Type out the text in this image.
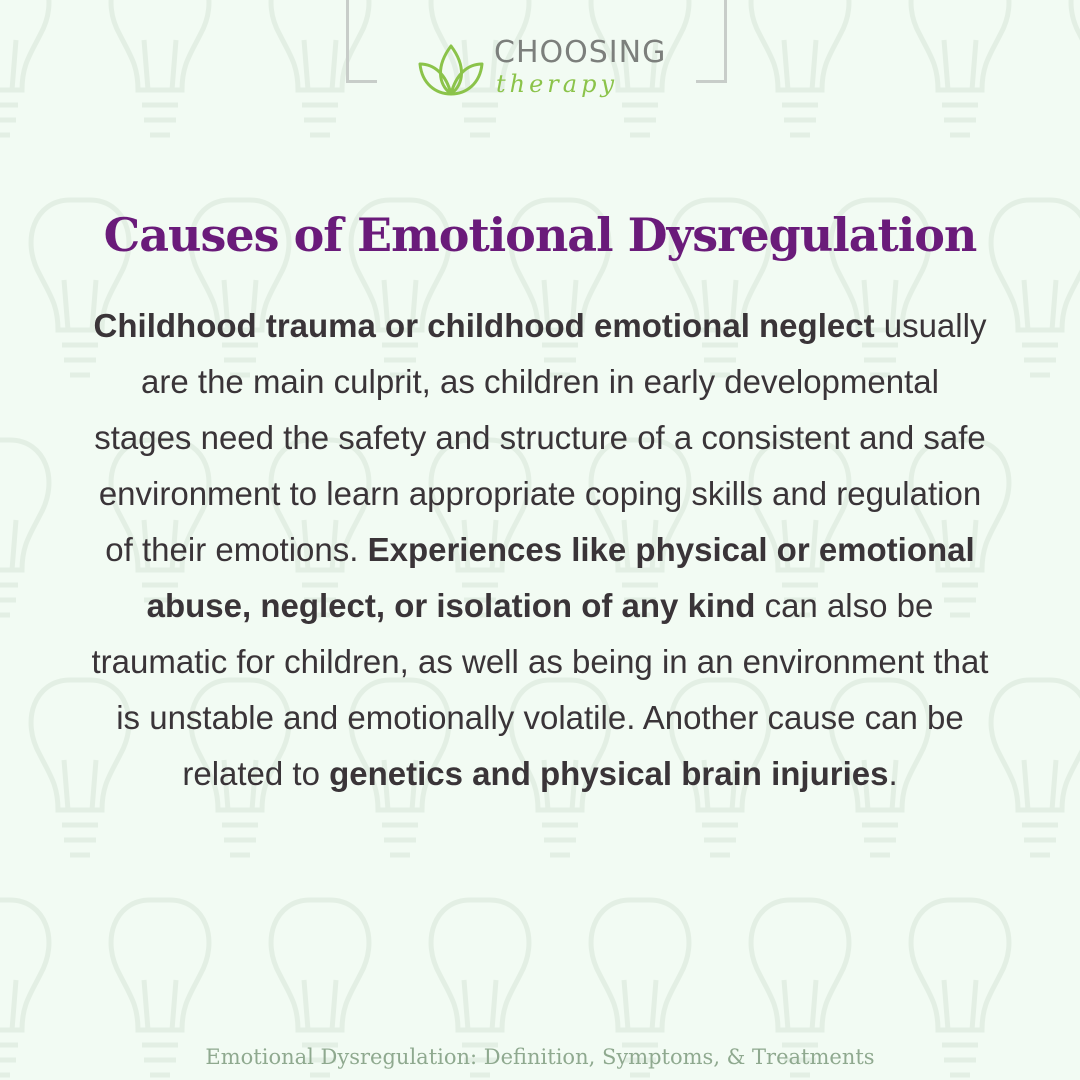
CHOOSING
therapy
Causes of Emotional Dysregulation

Childhood trauma or childhood emotional neglect usually are the main culprit, as children in early developmental stages need the safety and structure of a consistent and safe environment to learn appropriate coping skills and regulation of their emotions. Experiences like physical or emotional abuse, neglect, or isolation of any kind can also be traumatic for children, as well as being in an environment that is unstable and emotionally volatile. Another cause can be related to genetics and physical brain injuries.

Emotional Dysregulation: Definition, Symptoms, & Treatments
